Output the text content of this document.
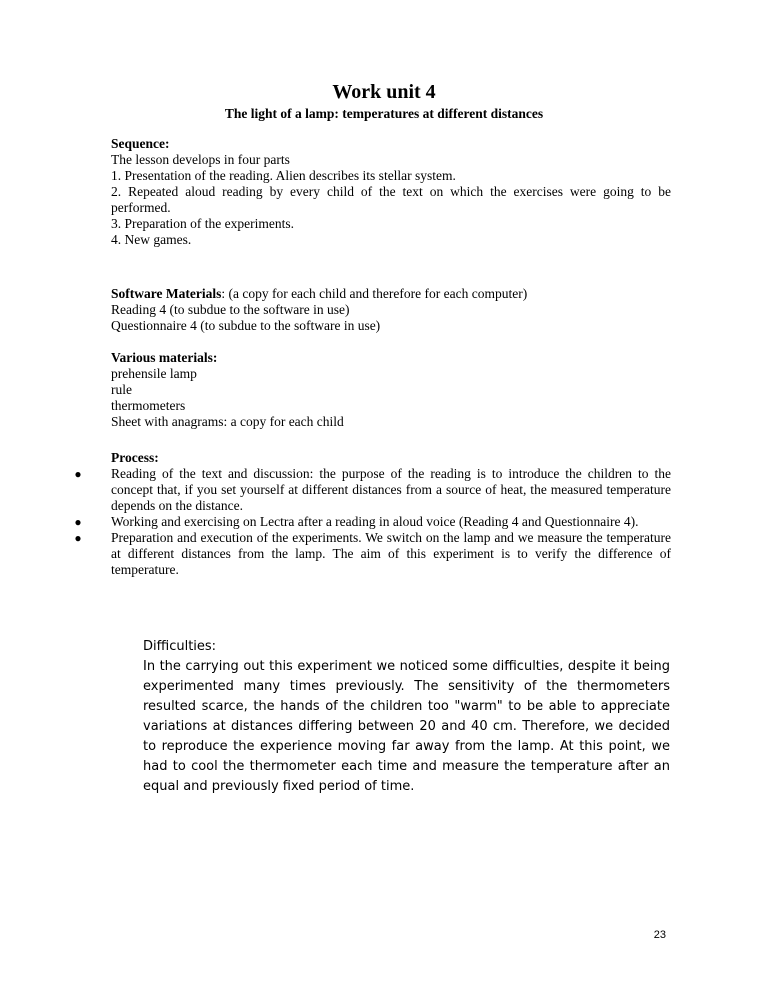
Work unit 4
The light of a lamp: temperatures at different distances

Sequence:

The lesson develops in four parts

1. Presentation of the reading. Alien describes its stellar system.

2. Repeated aloud reading by every child of the text on which the exercises were going to be performed.

3. Preparation of the experiments.

4. New games.

Software Materials: (a copy for each child and therefore for each computer)

Reading 4 (to subdue to the software in use)

Questionnaire 4 (to subdue to the software in use)

Various materials:

prehensile lamp

rule

thermometers

Sheet with anagrams: a copy for each child

Process:

● Reading of the text and discussion: the purpose of the reading is to introduce the children to the concept that, if you set yourself at different distances from a source of heat, the measured temperature depends on the distance.
● Working and exercising on Lectra after a reading in aloud voice (Reading 4 and Questionnaire 4).
● Preparation and execution of the experiments. We switch on the lamp and we measure the temperature at different distances from the lamp. The aim of this experiment is to verify the difference of temperature.

Difficulties:

In the carrying out this experiment we noticed some difficulties, despite it being experimented many times previously. The sensitivity of the thermometers resulted scarce, the hands of the children too "warm" to be able to appreciate variations at distances differing between 20 and 40 cm. Therefore, we decided to reproduce the experience moving far away from the lamp. At this point, we had to cool the thermometer each time and measure the temperature after an equal and previously fixed period of time.

23
